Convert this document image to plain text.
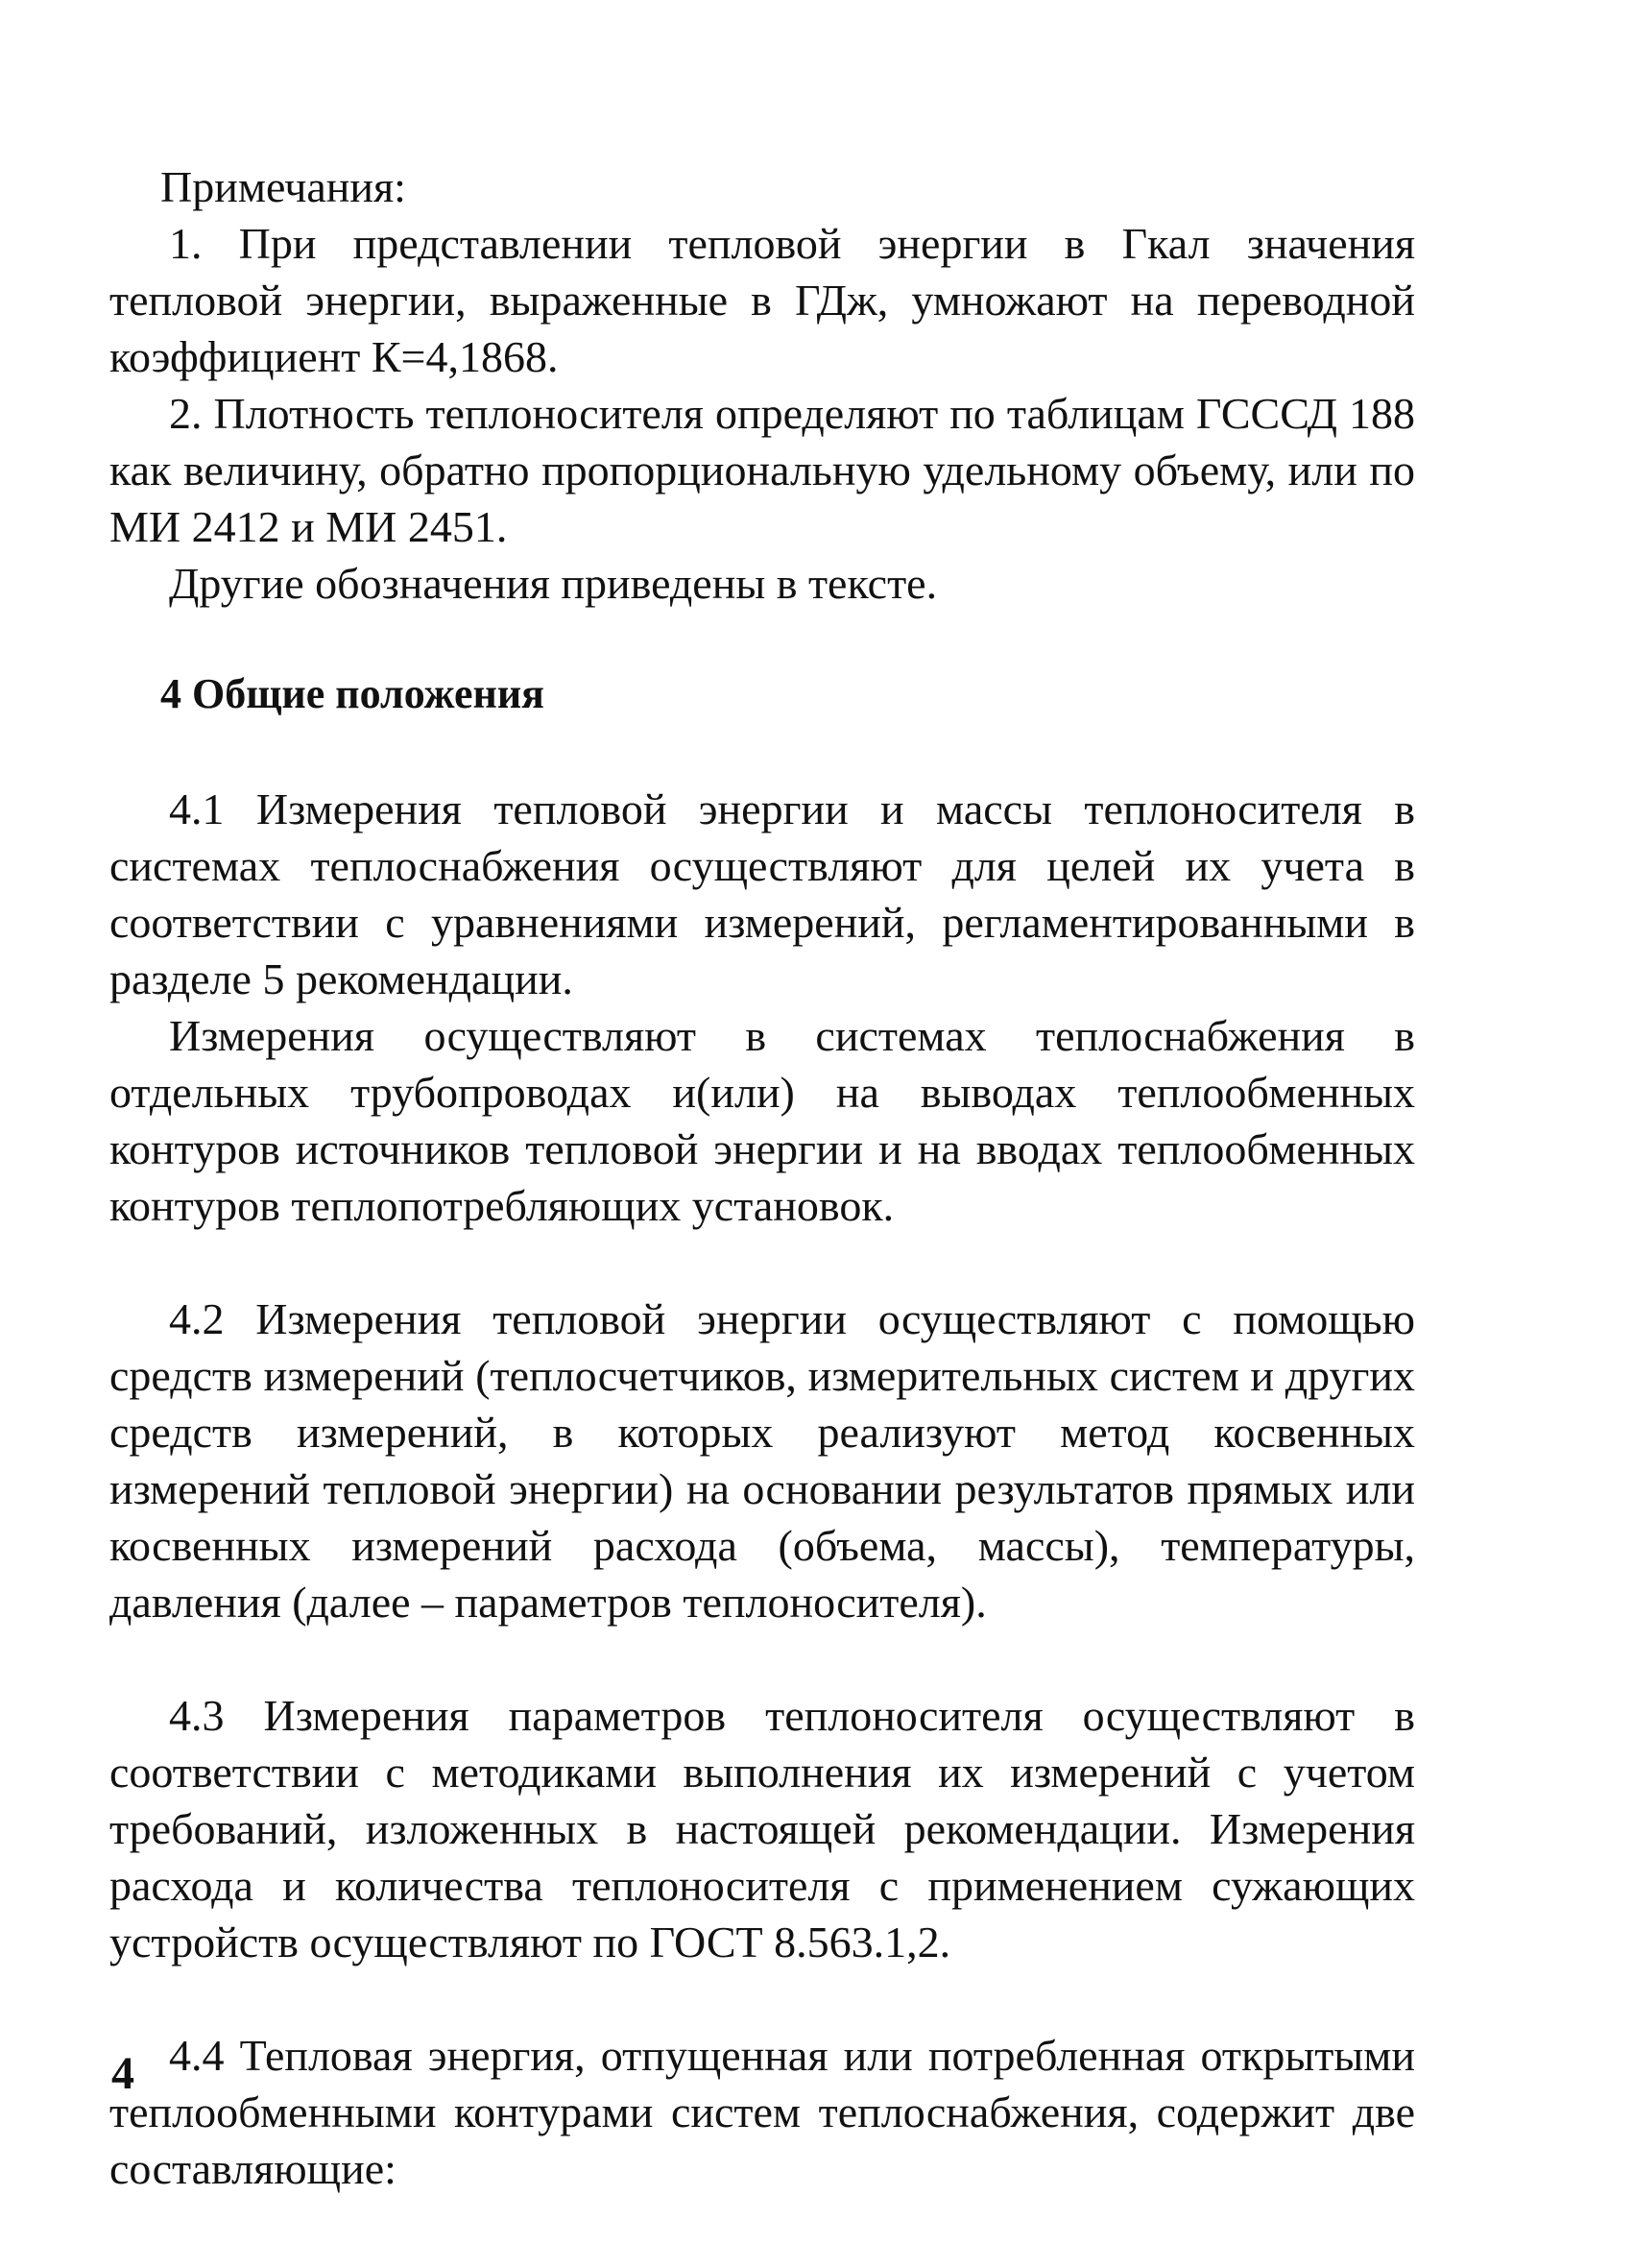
Примечания:

1. При представлении тепловой энергии в Гкал значения тепловой энергии, выраженные в ГДж, умножают на переводной коэффициент К=4,1868.

2. Плотность теплоносителя определяют по таблицам ГСССД 188 как величину, обратно пропорциональную удельному объему, или по МИ 2412 и МИ 2451.

Другие обозначения приведены в тексте.

4 Общие положения

4.1 Измерения тепловой энергии и массы теплоносителя в системах теплоснабжения осуществляют для целей их учета в соответствии с уравнениями измерений, регламентированными в разделе 5 рекомендации.

Измерения осуществляют в системах теплоснабжения в отдельных трубопроводах и(или) на выводах теплообменных контуров источников тепловой энергии и на вводах теплообменных контуров теплопотребляющих установок.

4.2 Измерения тепловой энергии осуществляют с помощью средств измерений (теплосчетчиков, измерительных систем и других средств измерений, в которых реализуют метод косвенных измерений тепловой энергии) на основании результатов прямых или косвенных измерений расхода (объема, массы), температуры, давления (далее – параметров теплоносителя).

4.3 Измерения параметров теплоносителя осуществляют в соответствии с методиками выполнения их измерений с учетом требований, изложенных в настоящей рекомендации. Измерения расхода и количества теплоносителя с применением сужающих устройств осуществляют по ГОСТ 8.563.1,2.

4.4 Тепловая энергия, отпущенная или потребленная открытыми теплообменными контурами систем теплоснабжения, содержит две составляющие:

4
